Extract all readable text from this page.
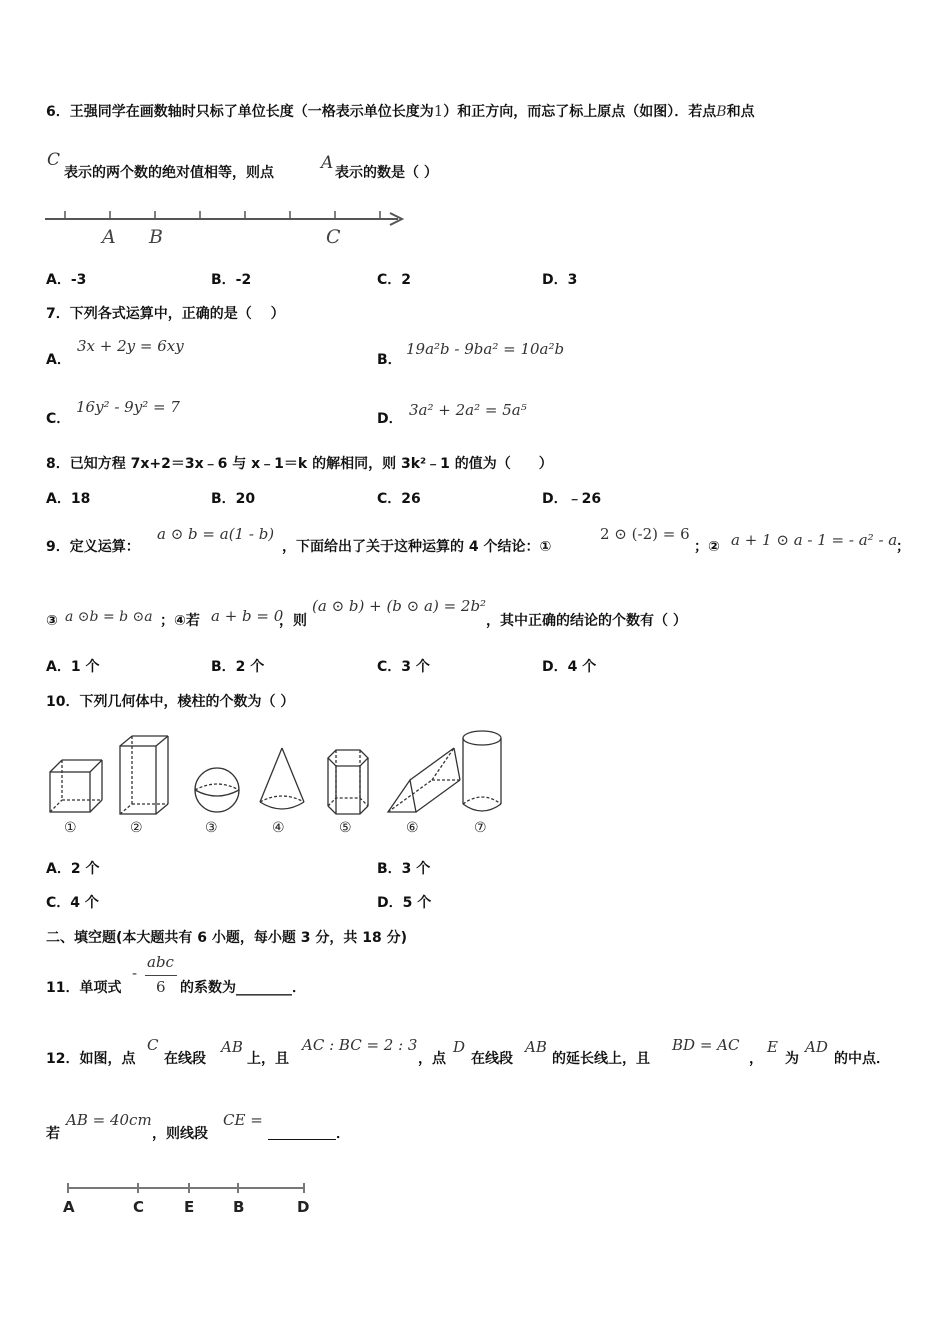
6．王强同学在画数轴时只标了单位长度（一格表示单位长度为1）和正方向，而忘了标上原点（如图）．若点B和点
C
表示的两个数的绝对值相等，则点	A 表示的数是（ ）
A B	C
A．-3	B．-2	C．2	D．3
7．下列各式运算中，正确的是（　 ）
A．
3x + 2y = 6xy
B．
19a²b - 9ba² = 10a²b
C．
16y² - 9y² = 7
D． 3a² + 2a² = 5a⁵
8．已知方程 7x+2＝3x﹣6 与 x﹣1＝k 的解相同，则 3k²﹣1 的值为（　　）
A．18	B．20	C．26	D．﹣26
9．定义运算：
a ⊙ b = a(1 - b)
，下面给出了关于这种运算的 4 个结论：①
2 ⊙ (-2) = 6
；② a + 1 ⊙ a - 1 = - a² - a
；
③ a ⊙b = b ⊙a ；④若 a + b = 0
，则
(a ⊙ b) + (b ⊙ a) = 2b²
，其中正确的结论的个数有（ ）
A．1 个	B．2 个	C．3 个	D．4 个
10．下列几何体中，棱柱的个数为（ ）
①	②	③	④	⑤	⑥	⑦
A．2 个	B．3 个
C．4 个	D．5 个
二、填空题(本大题共有 6 小题，每小题 3 分，共 18 分)
11．单项式
-
abc
6 的系数为________．
12．如图，点
C
在线段
AB
上，且
AC : BC = 2 : 3
，点
D
在线段
AB
的延长线上，且
BD = AC
，
E
为
AD
的中点．
若
AB = 40cm
，则线段
CE =
．
A	C	E	B	D
